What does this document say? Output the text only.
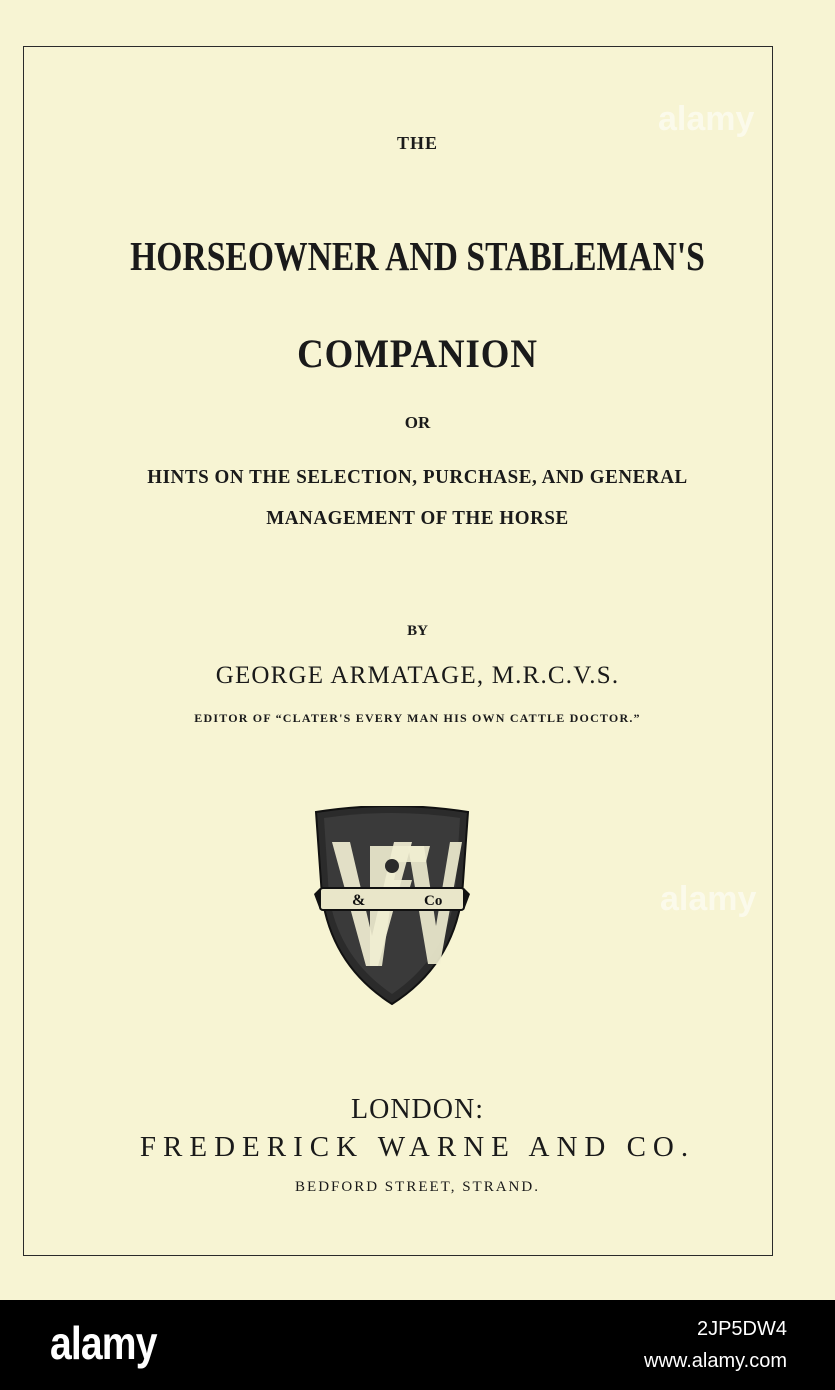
alamy
alamy
THE
HORSEOWNER AND STABLEMAN'S
COMPANION
OR
HINTS ON THE SELECTION, PURCHASE, AND GENERAL
MANAGEMENT OF THE HORSE
BY
GEORGE ARMATAGE, M.R.C.V.S.
EDITOR OF “CLATER'S EVERY MAN HIS OWN CATTLE DOCTOR.”
&	Co
LONDON:
FREDERICK WARNE AND CO.
BEDFORD STREET, STRAND.
alamy	2JP5DW4
www.alamy.com
